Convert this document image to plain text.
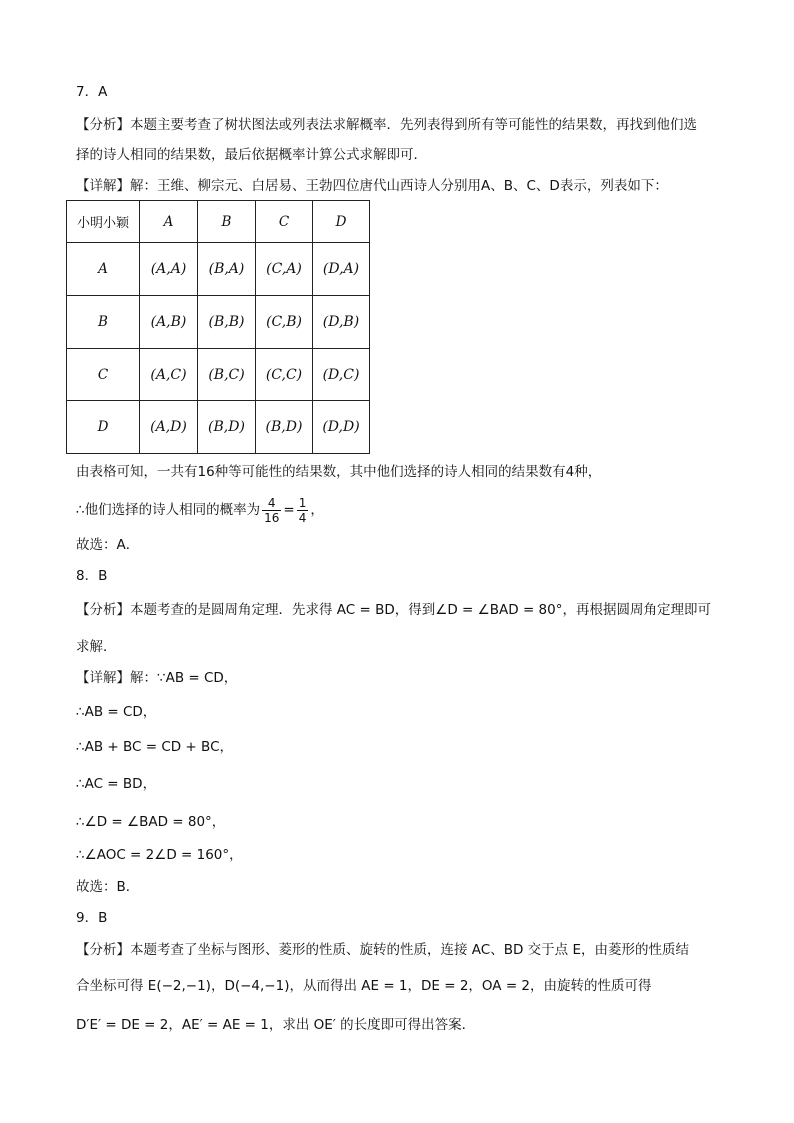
7．A
【分析】本题主要考查了树状图法或列表法求解概率．先列表得到所有等可能性的结果数，再找到他们选
择的诗人相同的结果数，最后依据概率计算公式求解即可．
【详解】解：王维、柳宗元、白居易、王勃四位唐代山西诗人分别用A、B、C、D表示，列表如下：
小明小颖	A	B	C	D
A	(A,A)	(B,A)	(C,A)	(D,A)
B	(A,B)	(B,B)	(C,B)	(D,B)
C	(A,C)	(B,C)	(C,C)	(D,C)
D	(A,D)	(B,D)	(B,D)	(D,D)
由表格可知，一共有16种等可能性的结果数，其中他们选择的诗人相同的结果数有4种，
∴他们选择的诗人相同的概率为 $\frac{4}{16} = \frac{1}{4}$ ，
故选：A．
8．B
【分析】本题考查的是圆周角定理．先求得 AC = BD，得到∠D = ∠BAD = 80°，再根据圆周角定理即可
求解．
【详解】解：∵AB = CD，
∴AB = CD，
∴AB + BC = CD + BC，
∴AC = BD，
∴∠D = ∠BAD = 80°，
∴∠AOC = 2∠D = 160°，
故选：B．
9．B
【分析】本题考查了坐标与图形、菱形的性质、旋转的性质，连接 AC、BD 交于点 E，由菱形的性质结
合坐标可得 E(−2,−1)，D(−4,−1)，从而得出 AE = 1，DE = 2，OA = 2，由旋转的性质可得
D′E′ = DE = 2，AE′ = AE = 1，求出 OE′ 的长度即可得出答案．
